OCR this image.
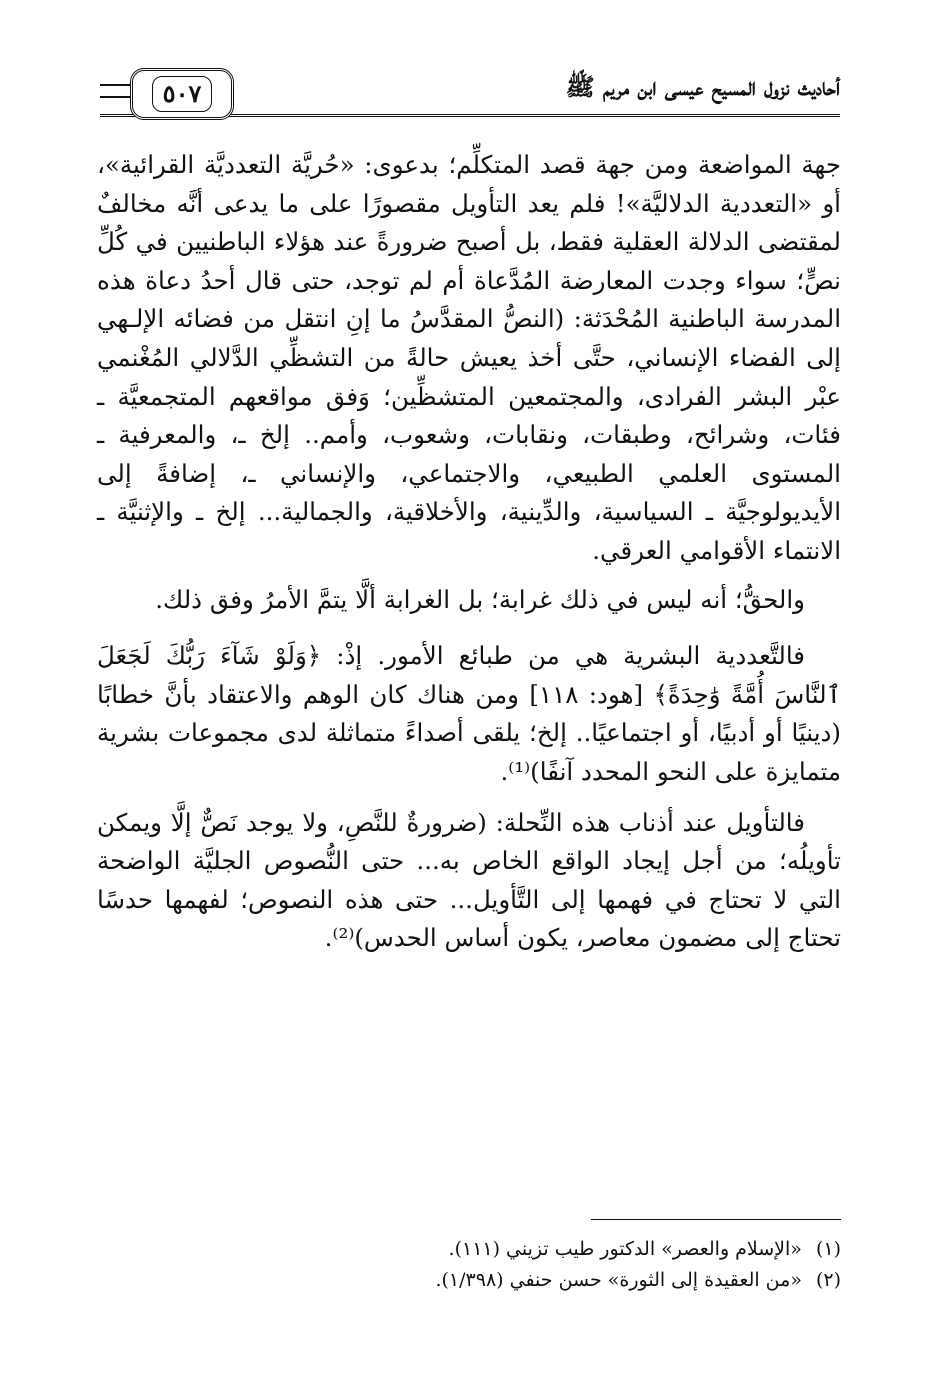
أحاديث نزول المسيح عيسى ابن مريم ﷺ
٥٠٧

جهة المواضعة ومن جهة قصد المتكلِّم؛ بدعوى: «حُريَّة التعدديَّة القرائية»، أو «التعددية الدلاليَّة»! فلم يعد التأويل مقصورًا على ما يدعى أنَّه مخالفٌ لمقتضى الدلالة العقلية فقط، بل أصبح ضرورةً عند هؤلاء الباطنيين في كُلِّ نصٍّ؛ سواء وجدت المعارضة المُدَّعاة أم لم توجد، حتى قال أحدُ دعاة هذه المدرسة الباطنية المُحْدَثة: (النصُّ المقدَّسُ ما إنِ انتقل من فضائه الإلـهي إلى الفضاء الإنساني، حتَّى أخذ يعيش حالةً من التشظِّي الدَّلالي المُغْنمي عبْر البشر الفرادى، والمجتمعين المتشظِّين؛ وَفق مواقعهم المتجمعيَّة ـ فئات، وشرائح، وطبقات، ونقابات، وشعوب، وأمم.. إلخ ـ، والمعرفية ـ المستوى العلمي الطبيعي، والاجتماعي، والإنساني ـ، إضافةً إلى الأيديولوجيَّة ـ السياسية، والدِّينية، والأخلاقية، والجمالية... إلخ ـ والإثنيَّة ـ الانتماء الأقوامي العرقي.

والحقُّ؛ أنه ليس في ذلك غرابة؛ بل الغرابة ألَّا يتمَّ الأمرُ وفق ذلك.

فالتَّعددية البشرية هي من طبائع الأمور. إذْ: ﴿وَلَوْ شَآءَ رَبُّكَ لَجَعَلَ ٱلنَّاسَ أُمَّةً وَٰحِدَةً﴾ [هود: ١١٨] ومن هناك كان الوهم والاعتقاد بأنَّ خطابًا (دينيًا أو أدبيًا، أو اجتماعيًا.. إلخ؛ يلقى أصداءً متماثلة لدى مجموعات بشرية متمايزة على النحو المحدد آنفًا)⁽¹⁾.

فالتأويل عند أذناب هذه النِّحلة: (ضرورةٌ للنَّصِ، ولا يوجد نَصٌّ إلَّا ويمكن تأويلُه؛ من أجل إيجاد الواقع الخاص به... حتى النُّصوص الجليَّة الواضحة التي لا تحتاج في فهمها إلى التَّأويل... حتى هذه النصوص؛ لفهمها حدسًا تحتاج إلى مضمون معاصر، يكون أساس الحدس)⁽²⁾.

(١)«الإسلام والعصر» الدكتور طيب تزيني (١١١).
(٢)«من العقيدة إلى الثورة» حسن حنفي (١/٣٩٨).
